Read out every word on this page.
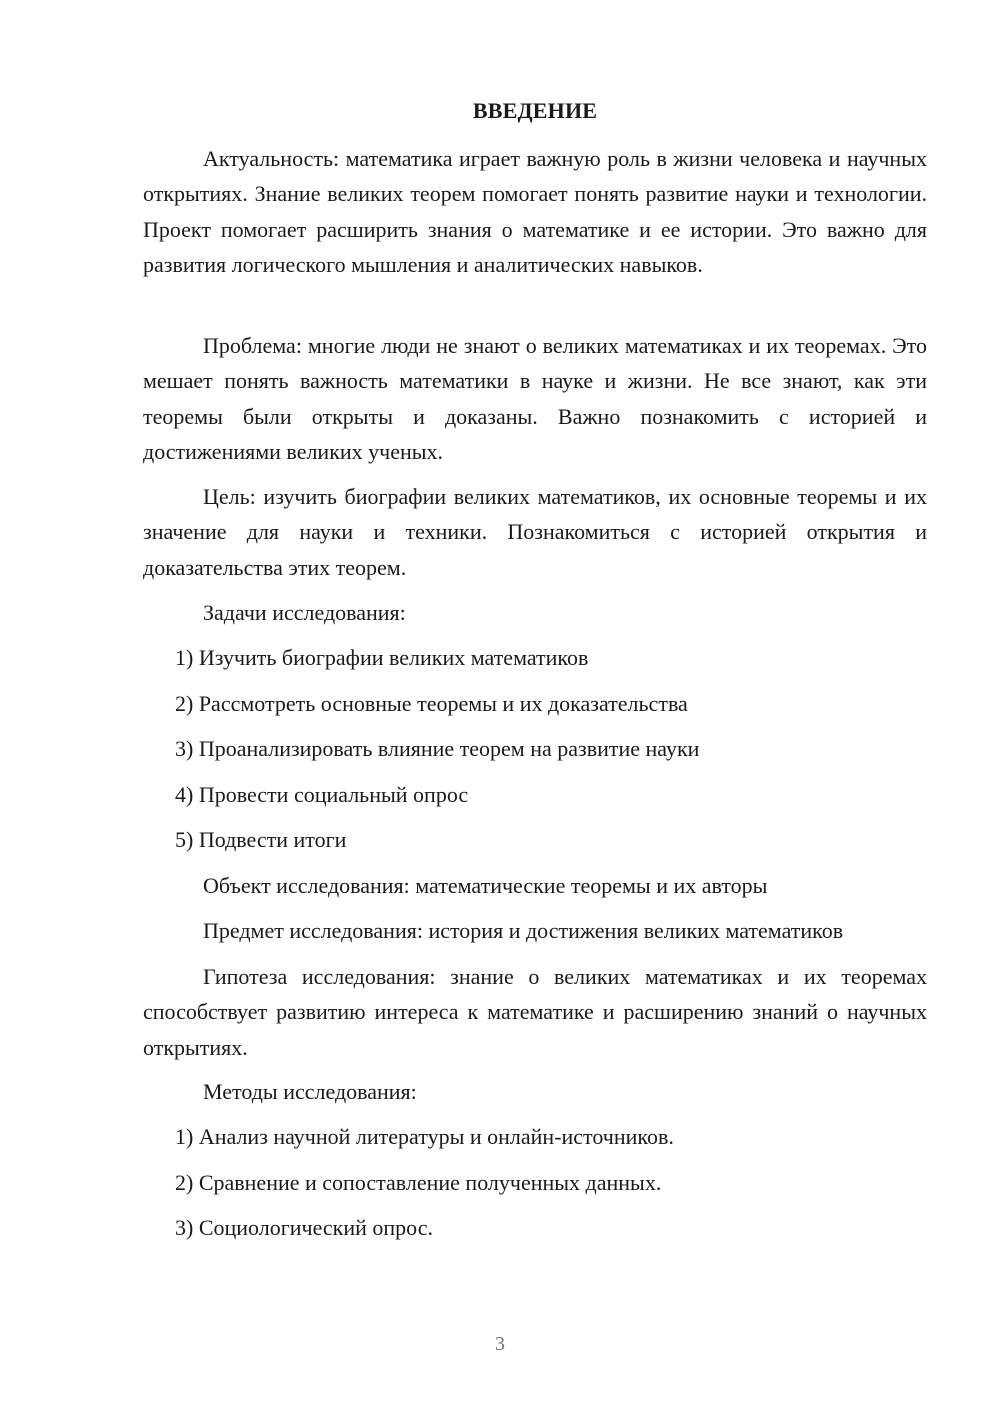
ВВЕДЕНИЕ

Актуальность: математика играет важную роль в жизни человека и научных открытиях. Знание великих теорем помогает понять развитие науки и технологии. Проект помогает расширить знания о математике и ее истории. Это важно для развития логического мышления и аналитических навыков.

Проблема: многие люди не знают о великих математиках и их теоремах. Это мешает понять важность математики в науке и жизни. Не все знают, как эти теоремы были открыты и доказаны. Важно познакомить с историей и достижениями великих ученых.

Цель: изучить биографии великих математиков, их основные теоремы и их значение для науки и техники. Познакомиться с историей открытия и доказательства этих теорем.

Задачи исследования:

1) Изучить биографии великих математиков

2) Рассмотреть основные теоремы и их доказательства

3) Проанализировать влияние теорем на развитие науки

4) Провести социальный опрос

5) Подвести итоги

Объект исследования: математические теоремы и их авторы

Предмет исследования: история и достижения великих математиков

Гипотеза исследования: знание о великих математиках и их теоремах способствует развитию интереса к математике и расширению знаний о научных открытиях.

Методы исследования:

1) Анализ научной литературы и онлайн-источников.

2) Сравнение и сопоставление полученных данных.

3) Социологический опрос.

3
